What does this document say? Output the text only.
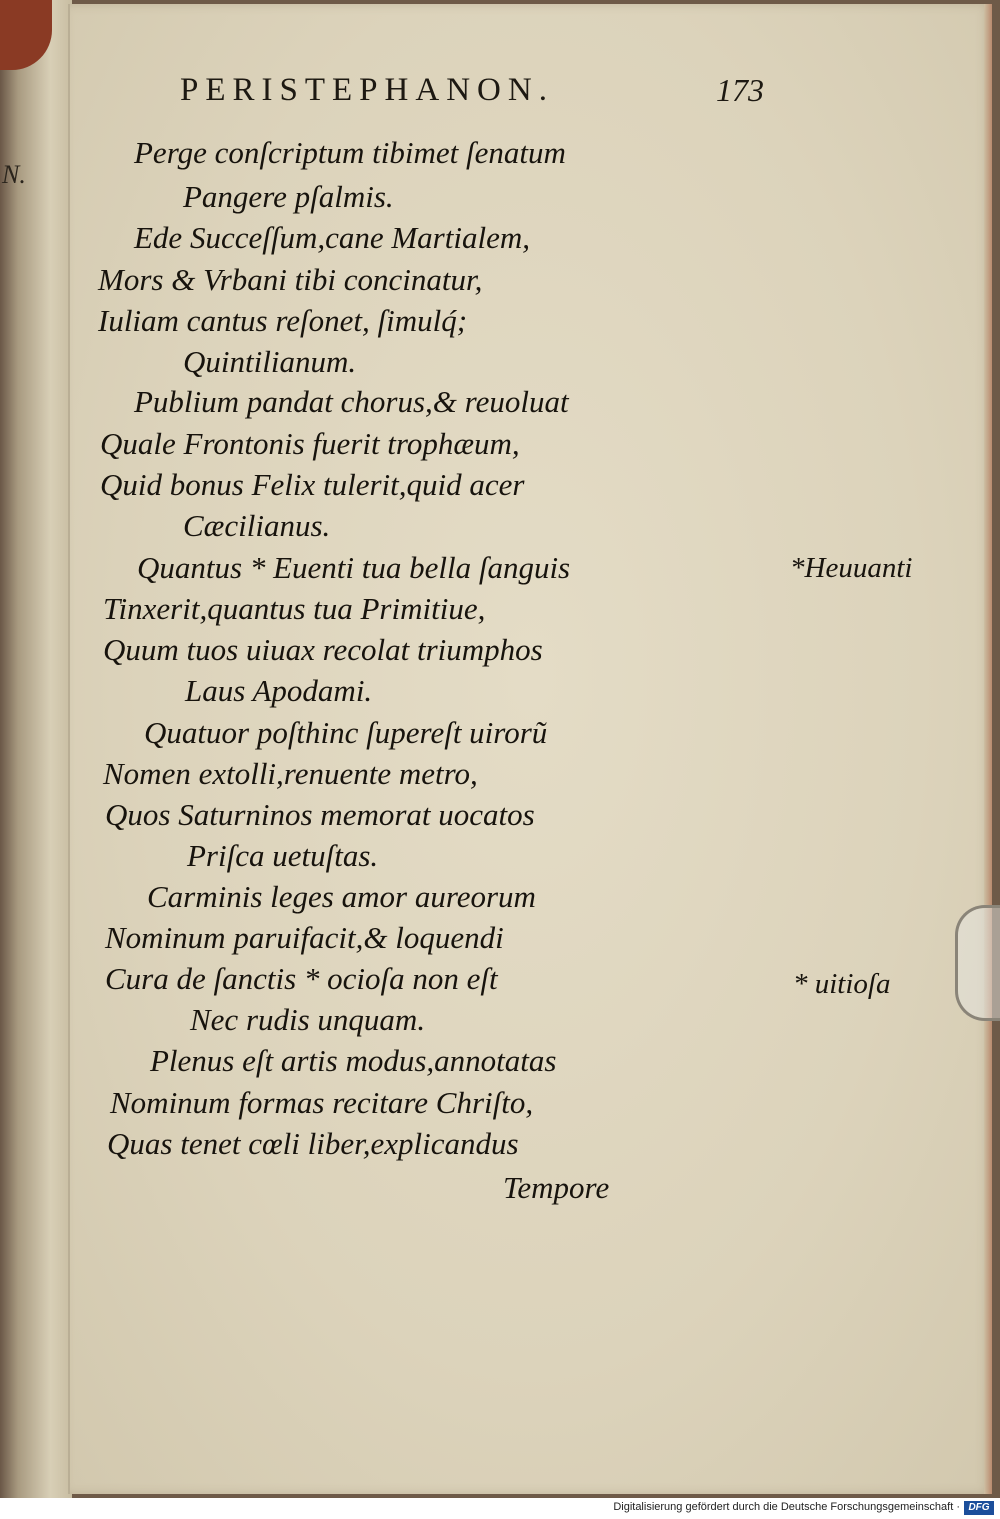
N.
PERISTEPHANON.	173
Perge conſcriptum tibimet ſenatum
Pangere pſalmis.
Ede Succeſſum,cane Martialem,
Mors & Vrbani tibi concinatur,
Iuliam cantus reſonet, ſimulq́;
Quintilianum.
Publium pandat chorus,& reuoluat
Quale Frontonis fuerit trophæum,
Quid bonus Felix tulerit,quid acer
Cæcilianus.
Quantus * Euenti tua bella ſanguis
Tinxerit,quantus tua Primitiue,
Quum tuos uiuax recolat triumphos
Laus Apodami.
Quatuor poſthinc ſupereſt uirorũ
Nomen extolli,renuente metro,
Quos Saturninos memorat uocatos
Priſca uetuſtas.
Carminis leges amor aureorum
Nominum paruifacit,& loquendi
Cura de ſanctis * ocioſa non eſt
Nec rudis unquam.
Plenus eſt artis modus,annotatas
Nominum formas recitare Chriſto,
Quas tenet cœli liber,explicandus
*Heuuanti
* uitioſa
Tempore
Digitalisierung gefördert durch die Deutsche Forschungsgemeinschaft · DFG
